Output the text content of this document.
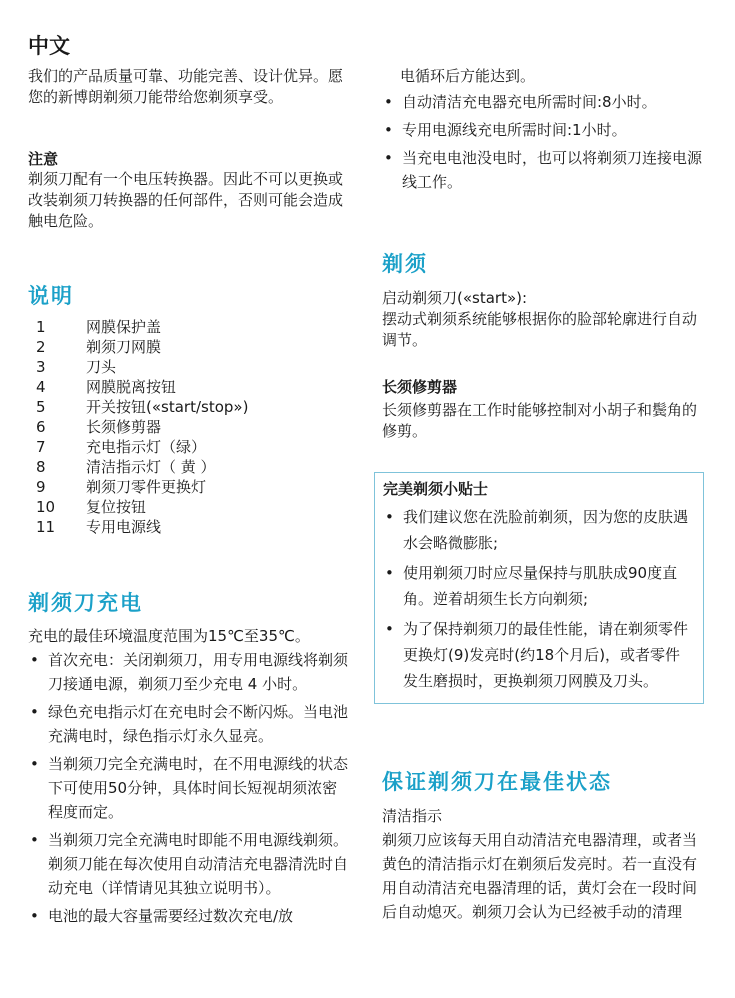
中文

我们的产品质量可靠、功能完善、设计优异。愿您的新博朗剃须刀能带给您剃须享受。

注意

剃须刀配有一个电压转换器。因此不可以更换或改装剃须刀转换器的任何部件，否则可能会造成触电危险。

说明
1	网膜保护盖
2	剃须刀网膜
3	刀头
4	网膜脱离按钮
5	开关按钮(«start/stop»)
6	长须修剪器
7	充电指示灯（绿）
8	清洁指示灯（ 黄 ）
9	剃须刀零件更换灯
10	复位按钮
11	专用电源线
剃须刀充电

充电的最佳环境温度范围为15℃至35℃。

• 首次充电：关闭剃须刀，用专用电源线将剃须刀接通电源，剃须刀至少充电 4 小时。
• 绿色充电指示灯在充电时会不断闪烁。当电池充满电时，绿色指示灯永久显亮。
• 当剃须刀完全充满电时，在不用电源线的状态下可使用50分钟，具体时间长短视胡须浓密程度而定。
• 当剃须刀完全充满电时即能不用电源线剃须。剃须刀能在每次使用自动清洁充电器清洗时自动充电（详情请见其独立说明书）。
• 电池的最大容量需要经过数次充电/放

电循环后方能达到。

• 自动清洁充电器充电所需时间:8小时。
• 专用电源线充电所需时间:1小时。
• 当充电电池没电时，也可以将剃须刀连接电源线工作。
剃须

启动剃须刀(«start»):

摆动式剃须系统能够根据你的脸部轮廓进行自动调节。

长须修剪器

长须修剪器在工作时能够控制对小胡子和鬓角的修剪。

完美剃须小贴士
• 我们建议您在洗脸前剃须，因为您的皮肤遇水会略微膨胀;
• 使用剃须刀时应尽量保持与肌肤成90度直角。逆着胡须生长方向剃须;
• 为了保持剃须刀的最佳性能，请在剃须零件更换灯(9)发亮时(约18个月后)，或者零件发生磨损时，更换剃须刀网膜及刀头。
保证剃须刀在最佳状态

清洁指示

剃须刀应该每天用自动清洁充电器清理，或者当黄色的清洁指示灯在剃须后发亮时。若一直没有用自动清洁充电器清理的话，黄灯会在一段时间后自动熄灭。剃须刀会认为已经被手动的清理
